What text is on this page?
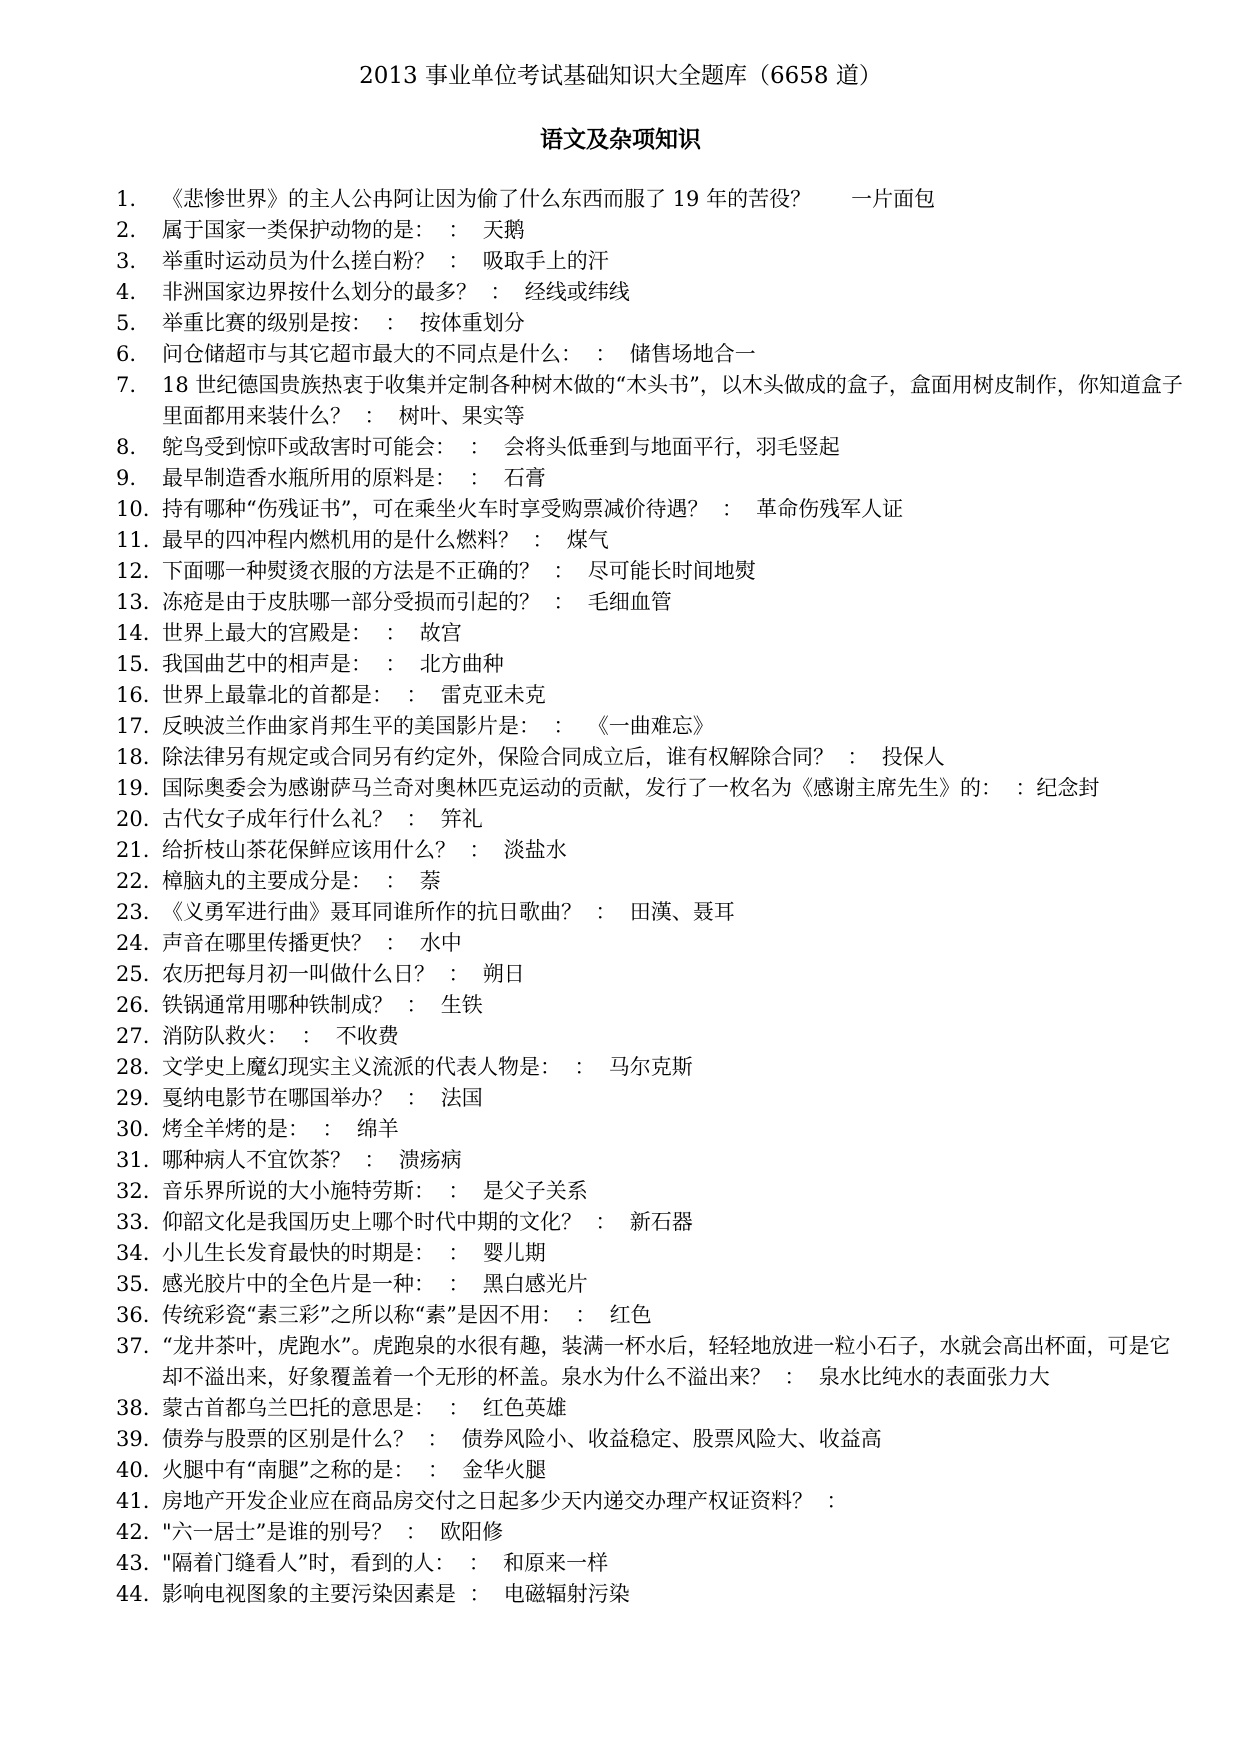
2013 事业单位考试基础知识大全题库（6658 道）
语文及杂项知识
1.	《悲惨世界》的主人公冉阿让因为偷了什么东西而服了 19 年的苦役？      一片面包
2.	属于国家一类保护动物的是：  ：  天鹅
3.	举重时运动员为什么搓白粉？  ：  吸取手上的汗
4.	非洲国家边界按什么划分的最多？  ：  经线或纬线
5.	举重比赛的级别是按：  ：  按体重划分
6.	问仓储超市与其它超市最大的不同点是什么：  ：  储售场地合一
7.	18 世纪德国贵族热衷于收集并定制各种树木做的“木头书”，以木头做成的盒子，盒面用树皮制作，你知道盒子里面都用来装什么？  ：  树叶、果实等
8.	鸵鸟受到惊吓或敌害时可能会：  ：  会将头低垂到与地面平行，羽毛竖起
9.	最早制造香水瓶所用的原料是：  ：  石膏
10. 持有哪种“伤残证书”，可在乘坐火车时享受购票减价待遇？  ：  革命伤残军人证
11. 最早的四冲程内燃机用的是什么燃料？  ：  煤气
12. 下面哪一种熨烫衣服的方法是不正确的？  ：  尽可能长时间地熨
13. 冻疮是由于皮肤哪一部分受损而引起的？  ：  毛细血管
14. 世界上最大的宫殿是：  ：  故宫
15. 我国曲艺中的相声是：  ：  北方曲种
16. 世界上最靠北的首都是：  ：  雷克亚未克
17. 反映波兰作曲家肖邦生平的美国影片是：  ：  《一曲难忘》
18. 除法律另有规定或合同另有约定外，保险合同成立后，谁有权解除合同？  ：  投保人
19. 国际奥委会为感谢萨马兰奇对奥林匹克运动的贡献，发行了一枚名为《感谢主席先生》的：  ：纪念封
20. 古代女子成年行什么礼？  ：  笄礼
21. 给折枝山茶花保鲜应该用什么？  ：  淡盐水
22. 樟脑丸的主要成分是：  ：  萘
23. 《义勇军进行曲》聂耳同谁所作的抗日歌曲？  ：  田漢、聂耳
24. 声音在哪里传播更快？  ：  水中
25. 农历把每月初一叫做什么日？  ：  朔日
26. 铁锅通常用哪种铁制成？  ：  生铁
27. 消防队救火：  ：  不收费
28. 文学史上魔幻现实主义流派的代表人物是：  ：  马尔克斯
29. 戛纳电影节在哪国举办？  ：  法国
30. 烤全羊烤的是：  ：  绵羊
31. 哪种病人不宜饮茶？  ：  溃疡病
32. 音乐界所说的大小施特劳斯：  ：  是父子关系
33. 仰韶文化是我国历史上哪个时代中期的文化？  ：  新石器
34. 小儿生长发育最快的时期是：  ：  婴儿期
35. 感光胶片中的全色片是一种：  ：  黑白感光片
36. 传统彩瓷“素三彩”之所以称“素”是因不用：  ：  红色
37. “龙井茶叶，虎跑水”。虎跑泉的水很有趣，装满一杯水后，轻轻地放进一粒小石子，水就会高出杯面，可是它却不溢出来，好象覆盖着一个无形的杯盖。泉水为什么不溢出来？  ：  泉水比纯水的表面张力大
38. 蒙古首都乌兰巴托的意思是：  ：  红色英雄
39. 债券与股票的区别是什么？  ：  债券风险小、收益稳定、股票风险大、收益高
40. 火腿中有“南腿”之称的是：  ：  金华火腿
41. 房地产开发企业应在商品房交付之日起多少天内递交办理产权证资料？  ：
42. "六一居士”是谁的别号？  ：  欧阳修
43. "隔着门缝看人”时，看到的人：  ：  和原来一样
44. 影响电视图象的主要污染因素是  ：  电磁辐射污染
